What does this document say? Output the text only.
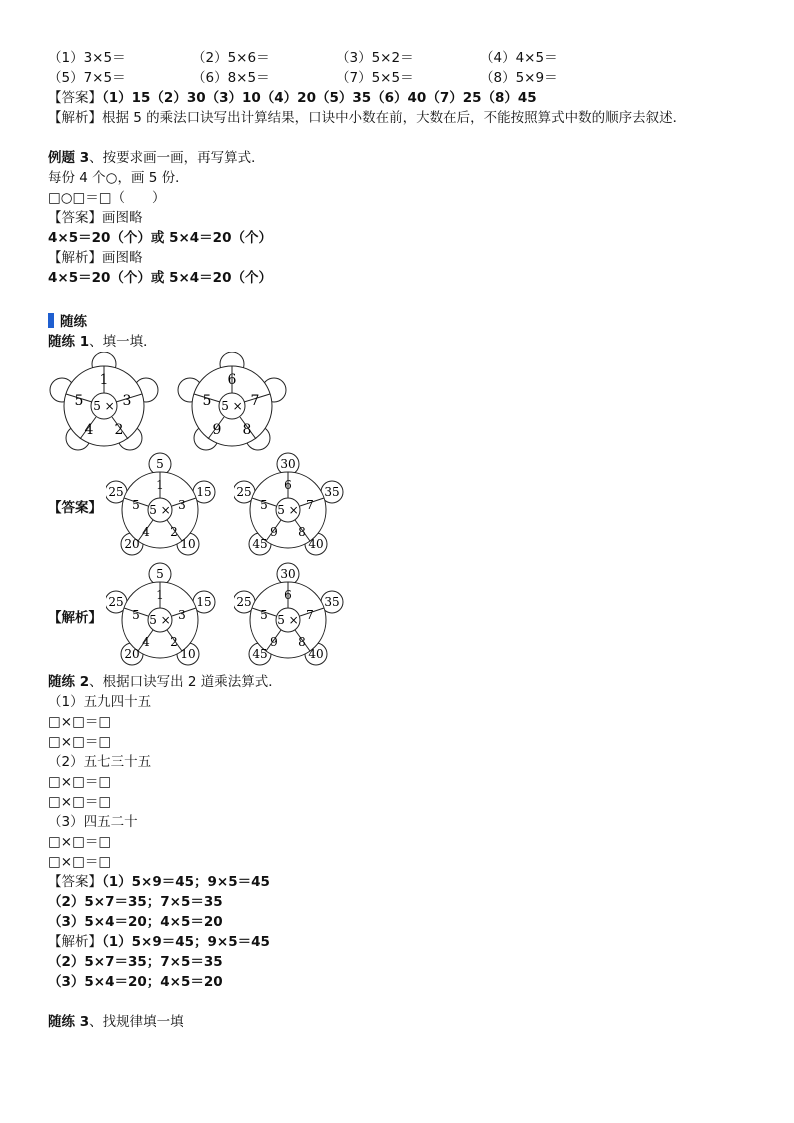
（1）3×5＝	（2）5×6＝	（3）5×2＝	（4）4×5＝
（5）7×5＝	（6）8×5＝	（7）5×5＝	（8）5×9＝
【答案】（1）15（2）30（3）10（4）20（5）35（6）40（7）25（8）45
【解析】根据 5 的乘法口诀写出计算结果，口诀中小数在前，大数在后，不能按照算式中数的顺序去叙述．
例题 3、按要求画一画，再写算式．
每份 4 个○，画 5 份．
□○□＝□（　　）
【答案】画图略
4×5＝20（个）或 5×4＝20（个）
【解析】画图略
4×5＝20（个）或 5×4＝20（个）
随练
随练 1、填一填．
5 ×
1
3
2
4
5	5 ×
6
7
8
9
5
【答案】	5 ×
1
3
2
4
5
5
15
10
20
25
5 ×
6
7
8
9
5
30
35
40
45
25
【解析】	5 ×
1
3
2
4
5
5
15
10
20
25
5 ×
6
7
8
9
5
30
35
40
45
25
随练 2、根据口诀写出 2 道乘法算式．
（1）五九四十五
□×□＝□
□×□＝□
（2）五七三十五
□×□＝□
□×□＝□
（3）四五二十
□×□＝□
□×□＝□
【答案】（1）5×9＝45；9×5＝45
（2）5×7＝35；7×5＝35
（3）5×4＝20；4×5＝20
【解析】（1）5×9＝45；9×5＝45
（2）5×7＝35；7×5＝35
（3）5×4＝20；4×5＝20
随练 3、找规律填一填
